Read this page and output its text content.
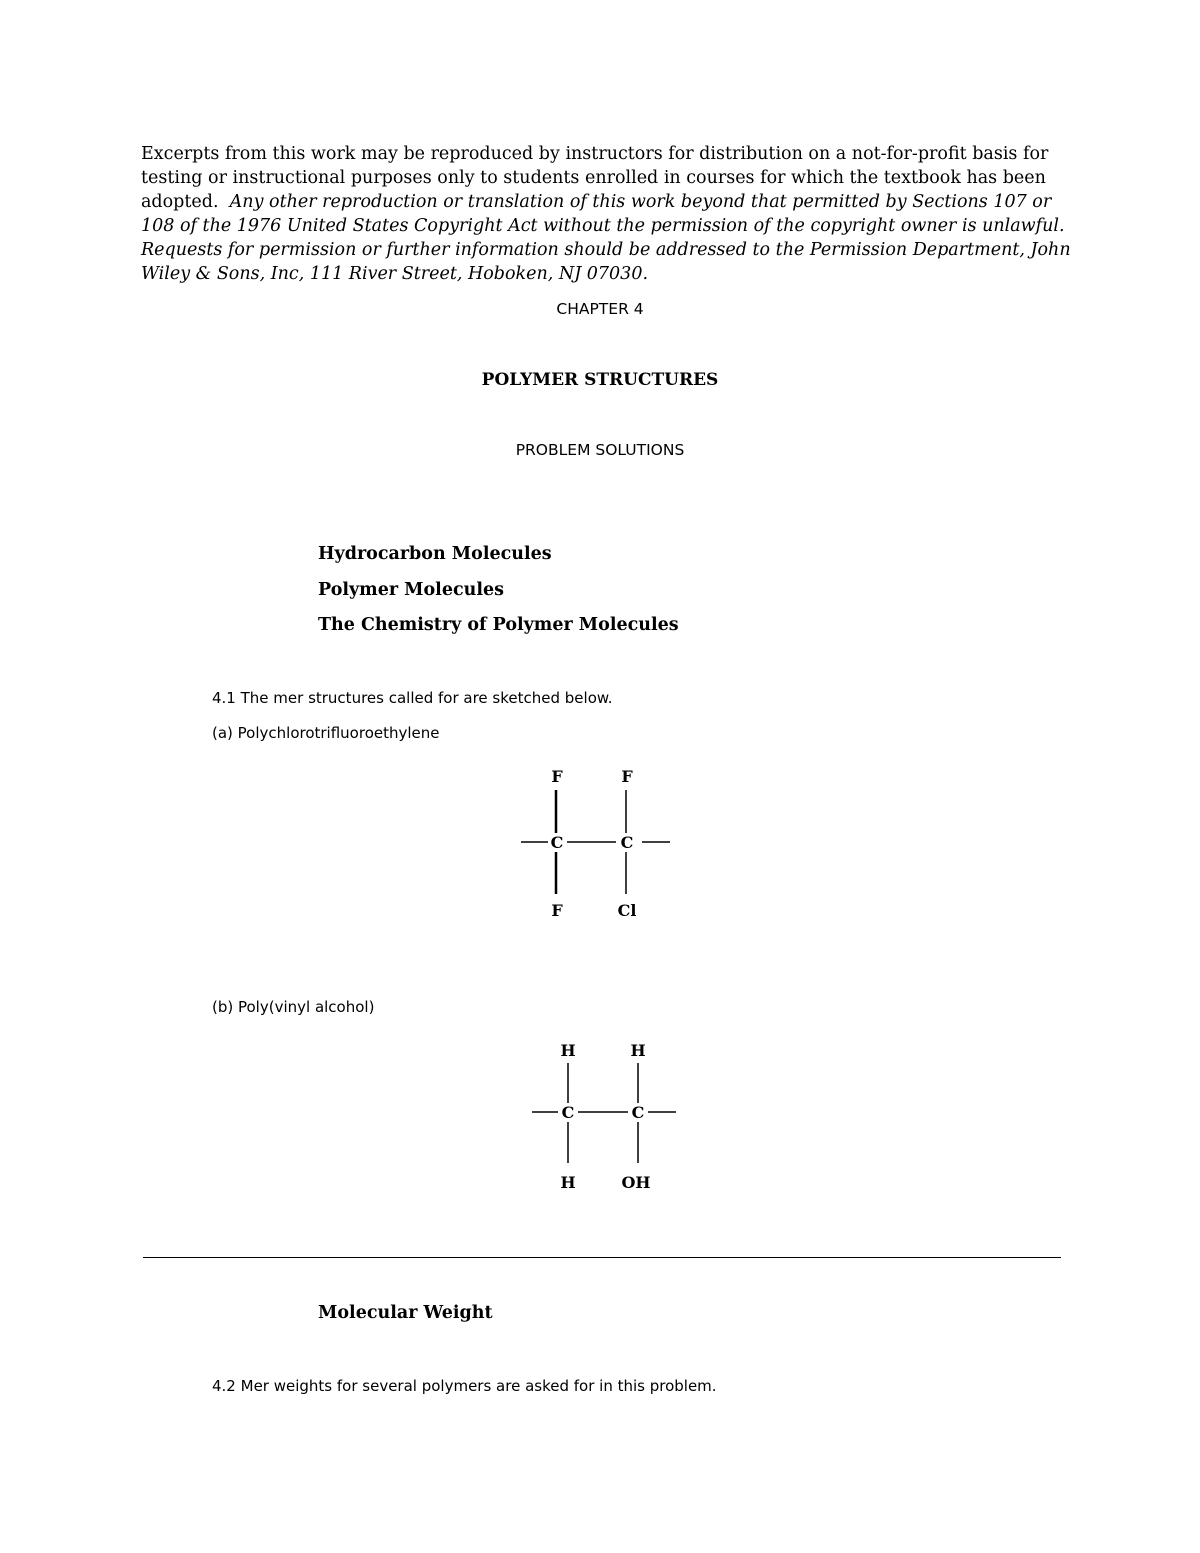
Excerpts from this work may be reproduced by instructors for distribution on a not-for-profit basis for testing or instructional purposes only to students enrolled in courses for which the textbook has been adopted. Any other reproduction or translation of this work beyond that permitted by Sections 107 or 108 of the 1976 United States Copyright Act without the permission of the copyright owner is unlawful. Requests for permission or further information should be addressed to the Permission Department, John Wiley & Sons, Inc, 111 River Street, Hoboken, NJ 07030.
CHAPTER 4
POLYMER STRUCTURES
PROBLEM SOLUTIONS
Hydrocarbon Molecules
Polymer Molecules
The Chemistry of Polymer Molecules
4.1 The mer structures called for are sketched below.
(a) Polychlorotrifluoroethylene
F	F
C	C
F	Cl
(b) Poly(vinyl alcohol)
H	H
C	C
H	OH
Molecular Weight
4.2 Mer weights for several polymers are asked for in this problem.
